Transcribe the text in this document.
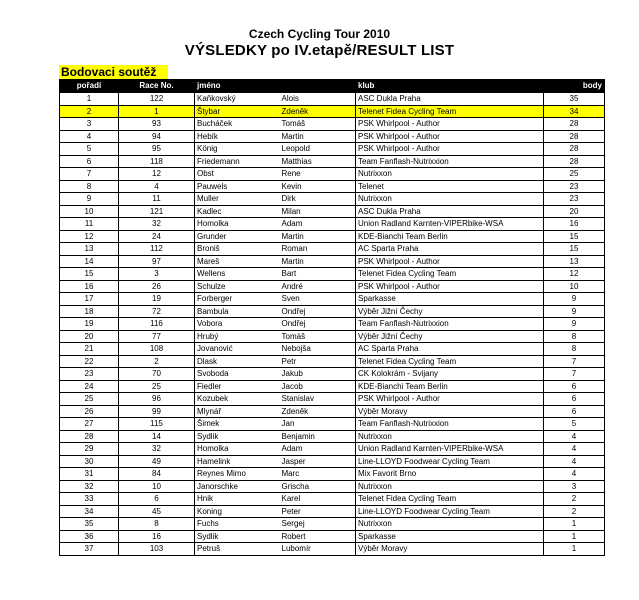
Czech Cycling Tour 2010
VÝSLEDKY po IV.etapě/RESULT LIST
Bodovaci soutěž
pořadí	Race No.	jméno		klub	body
1	122	Kaňkovský	Alois	ASC Dukla Praha	35
2	1	Štybar	Zdeněk	Telenet Fidea Cycling Team	34
3	93	Bucháček	Tomáš	PSK Whirlpool - Author	28
4	94	Hebík	Martin	PSK Whirlpool - Author	28
5	95	König	Leopold	PSK Whirlpool - Author	28
6	118	Friedemann	Matthias	Team Fanflash-Nutrixxion	28
7	12	Obst	Rene	Nutrixxon	25
8	4	Pauwels	Kevin	Telenet	23
9	11	Muller	Dirk	Nutrixxon	23
10	121	Kadlec	Milan	ASC Dukla Praha	20
11	32	Homolka	Adam	Union Radland Karnten-VIPERbike-WSA	16
12	24	Grunder	Martin	KDE-Bianchi Team Berlin	15
13	112	Broniš	Roman	AC Sparta Praha	15
14	97	Mareš	Martin	PSK Whirlpool - Author	13
15	3	Wellens	Bart	Telenet Fidea Cycling Team	12
16	26	Schulze	André	PSK Whirlpool - Author	10
17	19	Forberger	Sven	Sparkasse	9
18	72	Bambula	Ondřej	Výběr Jižní Čechy	9
19	116	Vobora	Ondřej	Team Fanflash-Nutrixxion	9
20	77	Hrubý	Tomáš	Výběr Jižní Čechy	8
21	108	Jovanović	Nebojša	AC Sparta Praha	8
22	2	Dlask	Petr	Telenet Fidea Cycling Team	7
23	70	Svoboda	Jakub	CK Kolokrám - Svijany	7
24	25	Fiedler	Jacob	KDE-Bianchi Team Berlin	6
25	96	Kozubek	Stanislav	PSK Whirlpool - Author	6
26	99	Mlynář	Zdeněk	Výběr Moravy	6
27	115	Šimek	Jan	Team Fanflash-Nutrixxion	5
28	14	Sydlik	Benjamin	Nutrixxon	4
29	32	Homolka	Adam	Union Radland Karnten-VIPERbike-WSA	4
30	49	Hamelink	Jasper	Line-LLOYD Foodwear Cycling Team	4
31	84	Reynes Mimo	Marc	Mix Favorit Brno	4
32	10	Janorschke	Grischa	Nutrixxon	3
33	6	Hnik	Karel	Telenet Fidea Cycling Team	2
34	45	Koning	Peter	Line-LLOYD Foodwear Cycling Team	2
35	8	Fuchs	Sergej	Nutrixxon	1
36	16	Sydlik	Robert	Sparkasse	1
37	103	Petruš	Lubomír	Výběr Moravy	1
